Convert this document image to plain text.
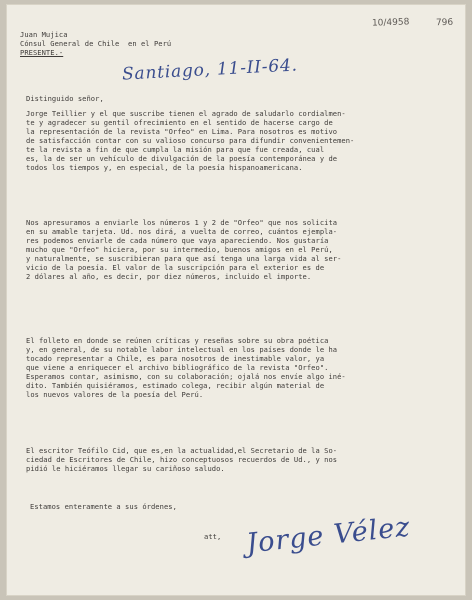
10/4958	796
Juan Mujica
Cónsul General de Chile  en el Perú
PRESENTE.-
Santiago, 11-II-64.
Distinguido señor,
Jorge Teillier y el que suscribe tienen el agrado de saludarlo cordialmen-
te y agradecer su gentil ofrecimiento en el sentido de hacerse cargo de
la representación de la revista "Orfeo" en Lima. Para nosotros es motivo
de satisfacción contar con su valioso concurso para difundir convenientemen-
te la revista a fin de que cumpla la misión para que fue creada, cual
es, la de ser un vehículo de divulgación de la poesía contemporánea y de
todos los tiempos y, en especial, de la poesía hispanoamericana.
Nos apresuramos a enviarle los números 1 y 2 de "Orfeo" que nos solicita
en su amable tarjeta. Ud. nos dirá, a vuelta de correo, cuántos ejempla-
res podemos enviarle de cada número que vaya apareciendo. Nos gustaría
mucho que "Orfeo" hiciera, por su intermedio, buenos amigos en el Perú,
y naturalmente, se suscribieran para que así tenga una larga vida al ser-
vicio de la poesía. El valor de la suscripción para el exterior es de
2 dólares al año, es decir, por diez números, incluido el importe.
El folleto en donde se reúnen críticas y reseñas sobre su obra poética
y, en general, de su notable labor intelectual en los países donde le ha
tocado representar a Chile, es para nosotros de inestimable valor, ya
que viene a enriquecer el archivo bibliográfico de la revista "Orfeo".
Esperamos contar, asimismo, con su colaboración; ojalá nos envíe algo iné-
dito. También quisiéramos, estimado colega, recibir algún material de
los nuevos valores de la poesía del Perú.
El escritor Teófilo Cid, que es,en la actualidad,el Secretario de la So-
ciedad de Escritores de Chile, hizo conceptuosos recuerdos de Ud., y nos
pidió le hiciéramos llegar su cariñoso saludo.
Estamos enteramente a sus órdenes,
att, Jorge Vélez
